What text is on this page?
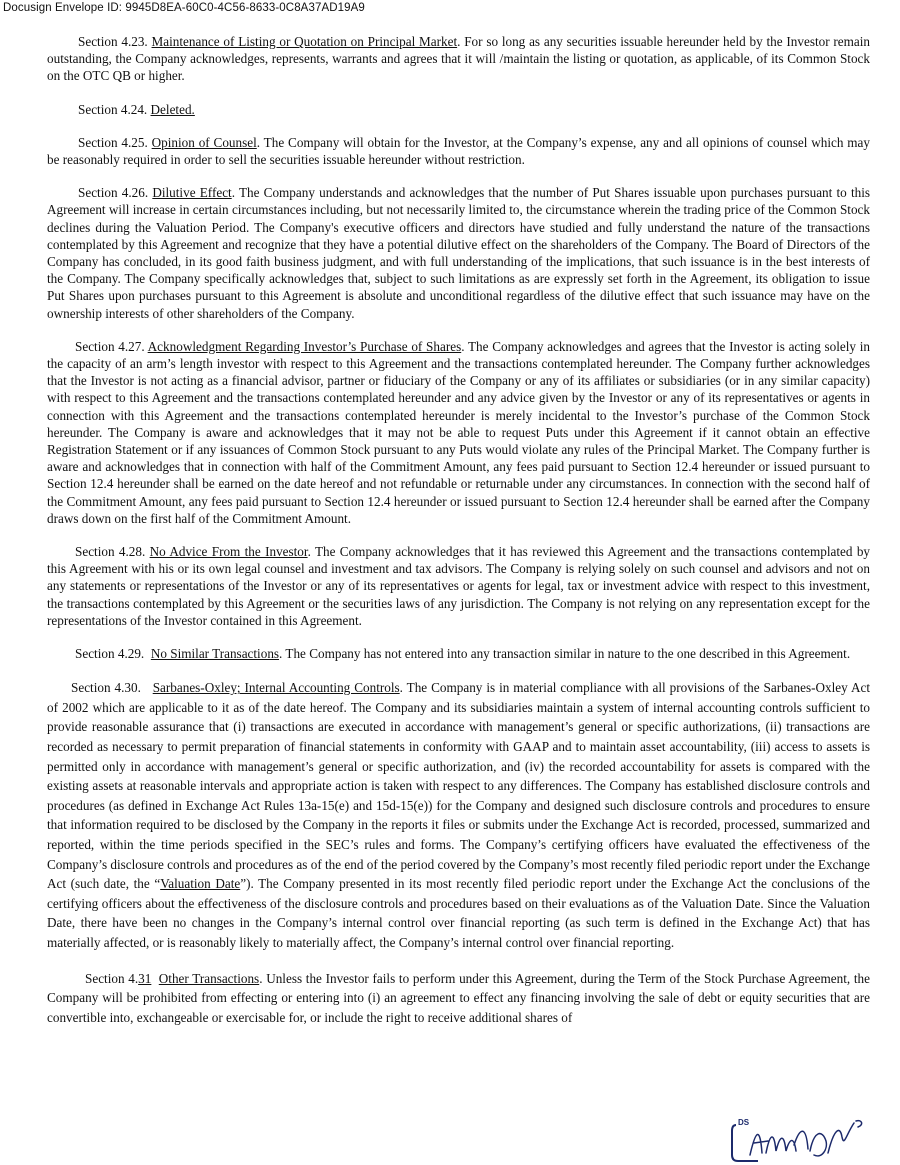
Docusign Envelope ID: 9945D8EA-60C0-4C56-8633-0C8A37AD19A9

Section 4.23. Maintenance of Listing or Quotation on Principal Market. For so long as any securities issuable hereunder held by the Investor remain outstanding, the Company acknowledges, represents, warrants and agrees that it will /maintain the listing or quotation, as applicable, of its Common Stock on the OTC QB or higher.

Section 4.24. Deleted.

Section 4.25. Opinion of Counsel. The Company will obtain for the Investor, at the Company’s expense, any and all opinions of counsel which may be reasonably required in order to sell the securities issuable hereunder without restriction.

Section 4.26. Dilutive Effect. The Company understands and acknowledges that the number of Put Shares issuable upon purchases pursuant to this Agreement will increase in certain circumstances including, but not necessarily limited to, the circumstance wherein the trading price of the Common Stock declines during the Valuation Period. The Company's executive officers and directors have studied and fully understand the nature of the transactions contemplated by this Agreement and recognize that they have a potential dilutive effect on the shareholders of the Company. The Board of Directors of the Company has concluded, in its good faith business judgment, and with full understanding of the implications, that such issuance is in the best interests of the Company. The Company specifically acknowledges that, subject to such limitations as are expressly set forth in the Agreement, its obligation to issue Put Shares upon purchases pursuant to this Agreement is absolute and unconditional regardless of the dilutive effect that such issuance may have on the ownership interests of other shareholders of the Company.

Section 4.27. Acknowledgment Regarding Investor’s Purchase of Shares. The Company acknowledges and agrees that the Investor is acting solely in the capacity of an arm’s length investor with respect to this Agreement and the transactions contemplated hereunder. The Company further acknowledges that the Investor is not acting as a financial advisor, partner or fiduciary of the Company or any of its affiliates or subsidiaries (or in any similar capacity) with respect to this Agreement and the transactions contemplated hereunder and any advice given by the Investor or any of its representatives or agents in connection with this Agreement and the transactions contemplated hereunder is merely incidental to the Investor’s purchase of the Common Stock hereunder. The Company is aware and acknowledges that it may not be able to request Puts under this Agreement if it cannot obtain an effective Registration Statement or if any issuances of Common Stock pursuant to any Puts would violate any rules of the Principal Market. The Company further is aware and acknowledges that in connection with half of the Commitment Amount, any fees paid pursuant to Section 12.4 hereunder or issued pursuant to Section 12.4 hereunder shall be earned on the date hereof and not refundable or returnable under any circumstances. In connection with the second half of the Commitment Amount, any fees paid pursuant to Section 12.4 hereunder or issued pursuant to Section 12.4 hereunder shall be earned after the Company draws down on the first half of the Commitment Amount.

Section 4.28. No Advice From the Investor. The Company acknowledges that it has reviewed this Agreement and the transactions contemplated by this Agreement with his or its own legal counsel and investment and tax advisors. The Company is relying solely on such counsel and advisors and not on any statements or representations of the Investor or any of its representatives or agents for legal, tax or investment advice with respect to this investment, the transactions contemplated by this Agreement or the securities laws of any jurisdiction. The Company is not relying on any representation except for the representations of the Investor contained in this Agreement.

Section 4.29. No Similar Transactions. The Company has not entered into any transaction similar in nature to the one described in this Agreement.

Section 4.30. Sarbanes-Oxley; Internal Accounting Controls. The Company is in material compliance with all provisions of the Sarbanes-Oxley Act of 2002 which are applicable to it as of the date hereof. The Company and its subsidiaries maintain a system of internal accounting controls sufficient to provide reasonable assurance that (i) transactions are executed in accordance with management’s general or specific authorizations, (ii) transactions are recorded as necessary to permit preparation of financial statements in conformity with GAAP and to maintain asset accountability, (iii) access to assets is permitted only in accordance with management’s general or specific authorization, and (iv) the recorded accountability for assets is compared with the existing assets at reasonable intervals and appropriate action is taken with respect to any differences. The Company has established disclosure controls and procedures (as defined in Exchange Act Rules 13a-15(e) and 15d-15(e)) for the Company and designed such disclosure controls and procedures to ensure that information required to be disclosed by the Company in the reports it files or submits under the Exchange Act is recorded, processed, summarized and reported, within the time periods specified in the SEC’s rules and forms. The Company’s certifying officers have evaluated the effectiveness of the Company’s disclosure controls and procedures as of the end of the period covered by the Company’s most recently filed periodic report under the Exchange Act (such date, the “Valuation Date”). The Company presented in its most recently filed periodic report under the Exchange Act the conclusions of the certifying officers about the effectiveness of the disclosure controls and procedures based on their evaluations as of the Valuation Date. Since the Valuation Date, there have been no changes in the Company’s internal control over financial reporting (as such term is defined in the Exchange Act) that has materially affected, or is reasonably likely to materially affect, the Company’s internal control over financial reporting.

Section 4.31 Other Transactions. Unless the Investor fails to perform under this Agreement, during the Term of the Stock Purchase Agreement, the Company will be prohibited from effecting or entering into (i) an agreement to effect any financing involving the sale of debt or equity securities that are convertible into, exchangeable or exercisable for, or include the right to receive additional shares of

DS
